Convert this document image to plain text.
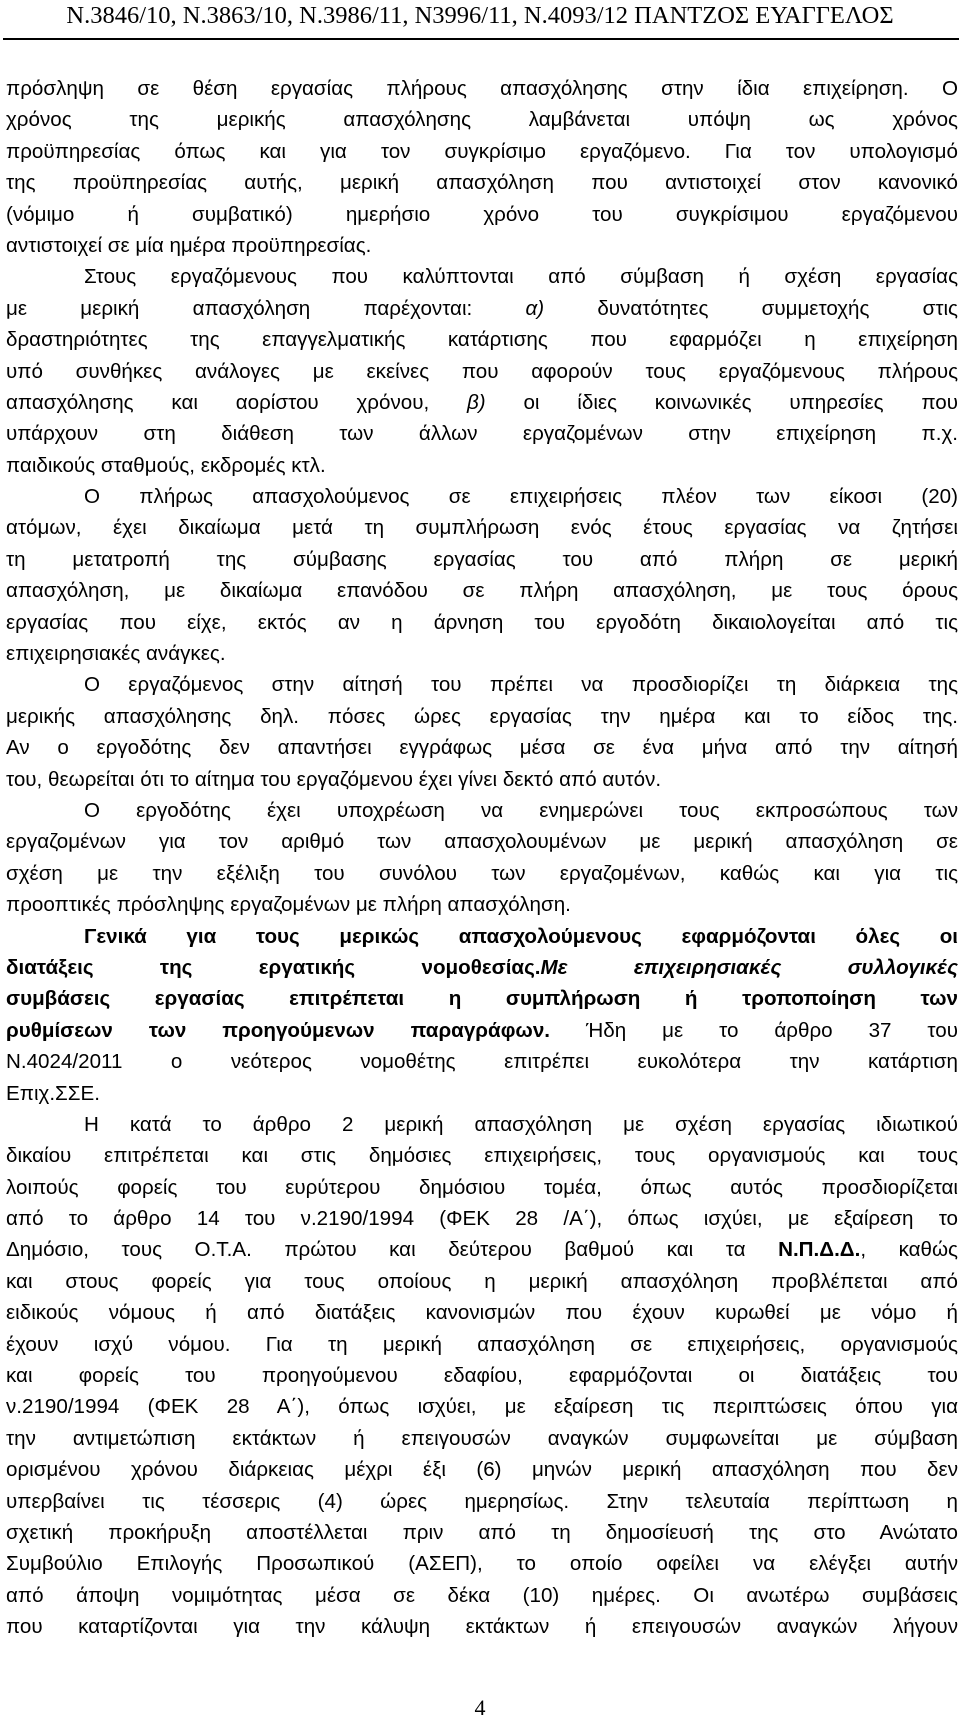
Ν.3846/10, Ν.3863/10, Ν.3986/11, Ν3996/11, Ν.4093/12 ΠΑΝΤΖΟΣ ΕΥΑΓΓΕΛΟΣ
πρόσληψη σε θέση εργασίας πλήρους απασχόλησης στην ίδια επιχείρηση. Ο
χρόνος της μερικής απασχόλησης λαμβάνεται υπόψη ως χρόνος
προϋπηρεσίας όπως και για τον συγκρίσιμο εργαζόμενο. Για τον υπολογισμό
της προϋπηρεσίας αυτής, μερική απασχόληση που αντιστοιχεί στον κανονικό
(νόμιμο ή συμβατικό) ημερήσιο χρόνο του συγκρίσιμου εργαζόμενου
αντιστοιχεί σε μία ημέρα προϋπηρεσίας.
Στους εργαζόμενους που καλύπτονται από σύμβαση ή σχέση εργασίας
με μερική απασχόληση παρέχονται:	α)	δυνατότητες συμμετοχής στις
δραστηριότητες της επαγγελματικής κατάρτισης που εφαρμόζει η επιχείρηση
υπό συνθήκες ανάλογες με εκείνες που αφορούν τους εργαζόμενους πλήρους
απασχόλησης και αορίστου χρόνου, β) οι ίδιες κοινωνικές υπηρεσίες που
υπάρχουν στη διάθεση των άλλων εργαζομένων στην επιχείρηση π.χ.
παιδικούς σταθμούς, εκδρομές κτλ.
Ο πλήρως απασχολούμενος σε επιχειρήσεις πλέον των είκοσι (20)
ατόμων, έχει δικαίωμα μετά τη συμπλήρωση ενός έτους εργασίας να ζητήσει
τη μετατροπή της σύμβασης εργασίας του από πλήρη σε μερική
απασχόληση, με δικαίωμα επανόδου σε πλήρη απασχόληση, με τους όρους
εργασίας που είχε, εκτός αν η άρνηση του εργοδότη δικαιολογείται από τις
επιχειρησιακές ανάγκες.
Ο εργαζόμενος στην αίτησή του πρέπει να προσδιορίζει τη διάρκεια της
μερικής απασχόλησης δηλ. πόσες ώρες εργασίας την ημέρα και το είδος της.
Αν ο εργοδότης δεν απαντήσει εγγράφως μέσα σε ένα μήνα από την αίτησή
του, θεωρείται ότι το αίτημα του εργαζόμενου έχει γίνει δεκτό από αυτόν.
Ο εργοδότης έχει υποχρέωση να ενημερώνει τους εκπροσώπους των
εργαζομένων για τον αριθμό των απασχολουμένων με μερική απασχόληση σε
σχέση με την εξέλιξη του συνόλου των εργαζομένων, καθώς και για τις
προοπτικές πρόσληψης εργαζομένων με πλήρη απασχόληση.
Γενικά για τους μερικώς απασχολούμενους εφαρμόζονται όλες οι
διατάξεις της εργατικής νομοθεσίας.Με επιχειρησιακές συλλογικές
συμβάσεις εργασίας επιτρέπεται η συμπλήρωση ή τροποποίηση των
ρυθμίσεων των προηγούμενων παραγράφων. Ήδη με το άρθρο 37 του
Ν.4024/2011 ο νεότερος νομοθέτης επιτρέπει ευκολότερα την κατάρτιση
Επιχ.ΣΣΕ.
Η κατά το άρθρο 2 μερική απασχόληση με σχέση εργασίας ιδιωτικού
δικαίου επιτρέπεται και στις δημόσιες επιχειρήσεις, τους οργανισμούς και τους
λοιπούς φορείς του ευρύτερου δημόσιου τομέα, όπως αυτός προσδιορίζεται
από το άρθρο 14 του ν.2190/1994 (ΦΕΚ 28 /Α΄), όπως ισχύει, με εξαίρεση το
Δημόσιο, τους Ο.Τ.Α. πρώτου και δεύτερου βαθμού και τα Ν.Π.Δ.Δ., καθώς
και στους φορείς για τους οποίους η μερική απασχόληση προβλέπεται από
ειδικούς νόμους ή από διατάξεις κανονισμών που έχουν κυρωθεί με νόμο ή
έχουν ισχύ νόμου. Για τη μερική απασχόληση σε επιχειρήσεις, οργανισμούς
και φορείς του προηγούμενου εδαφίου, εφαρμόζονται οι διατάξεις του
ν.2190/1994 (ΦΕΚ 28 Α΄), όπως ισχύει, με εξαίρεση τις περιπτώσεις όπου για
την αντιμετώπιση εκτάκτων ή επειγουσών αναγκών συμφωνείται με σύμβαση
ορισμένου χρόνου διάρκειας μέχρι έξι (6) μηνών μερική απασχόληση που δεν
υπερβαίνει τις τέσσερις (4) ώρες ημερησίως. Στην τελευταία περίπτωση η
σχετική προκήρυξη αποστέλλεται πριν από τη δημοσίευσή της στο Ανώτατο
Συμβούλιο Επιλογής Προσωπικού (ΑΣΕΠ), το οποίο οφείλει να ελέγξει αυτήν
από άποψη νομιμότητας μέσα σε δέκα (10) ημέρες. Οι ανωτέρω συμβάσεις
που καταρτίζονται για την κάλυψη εκτάκτων ή επειγουσών αναγκών λήγουν
4
